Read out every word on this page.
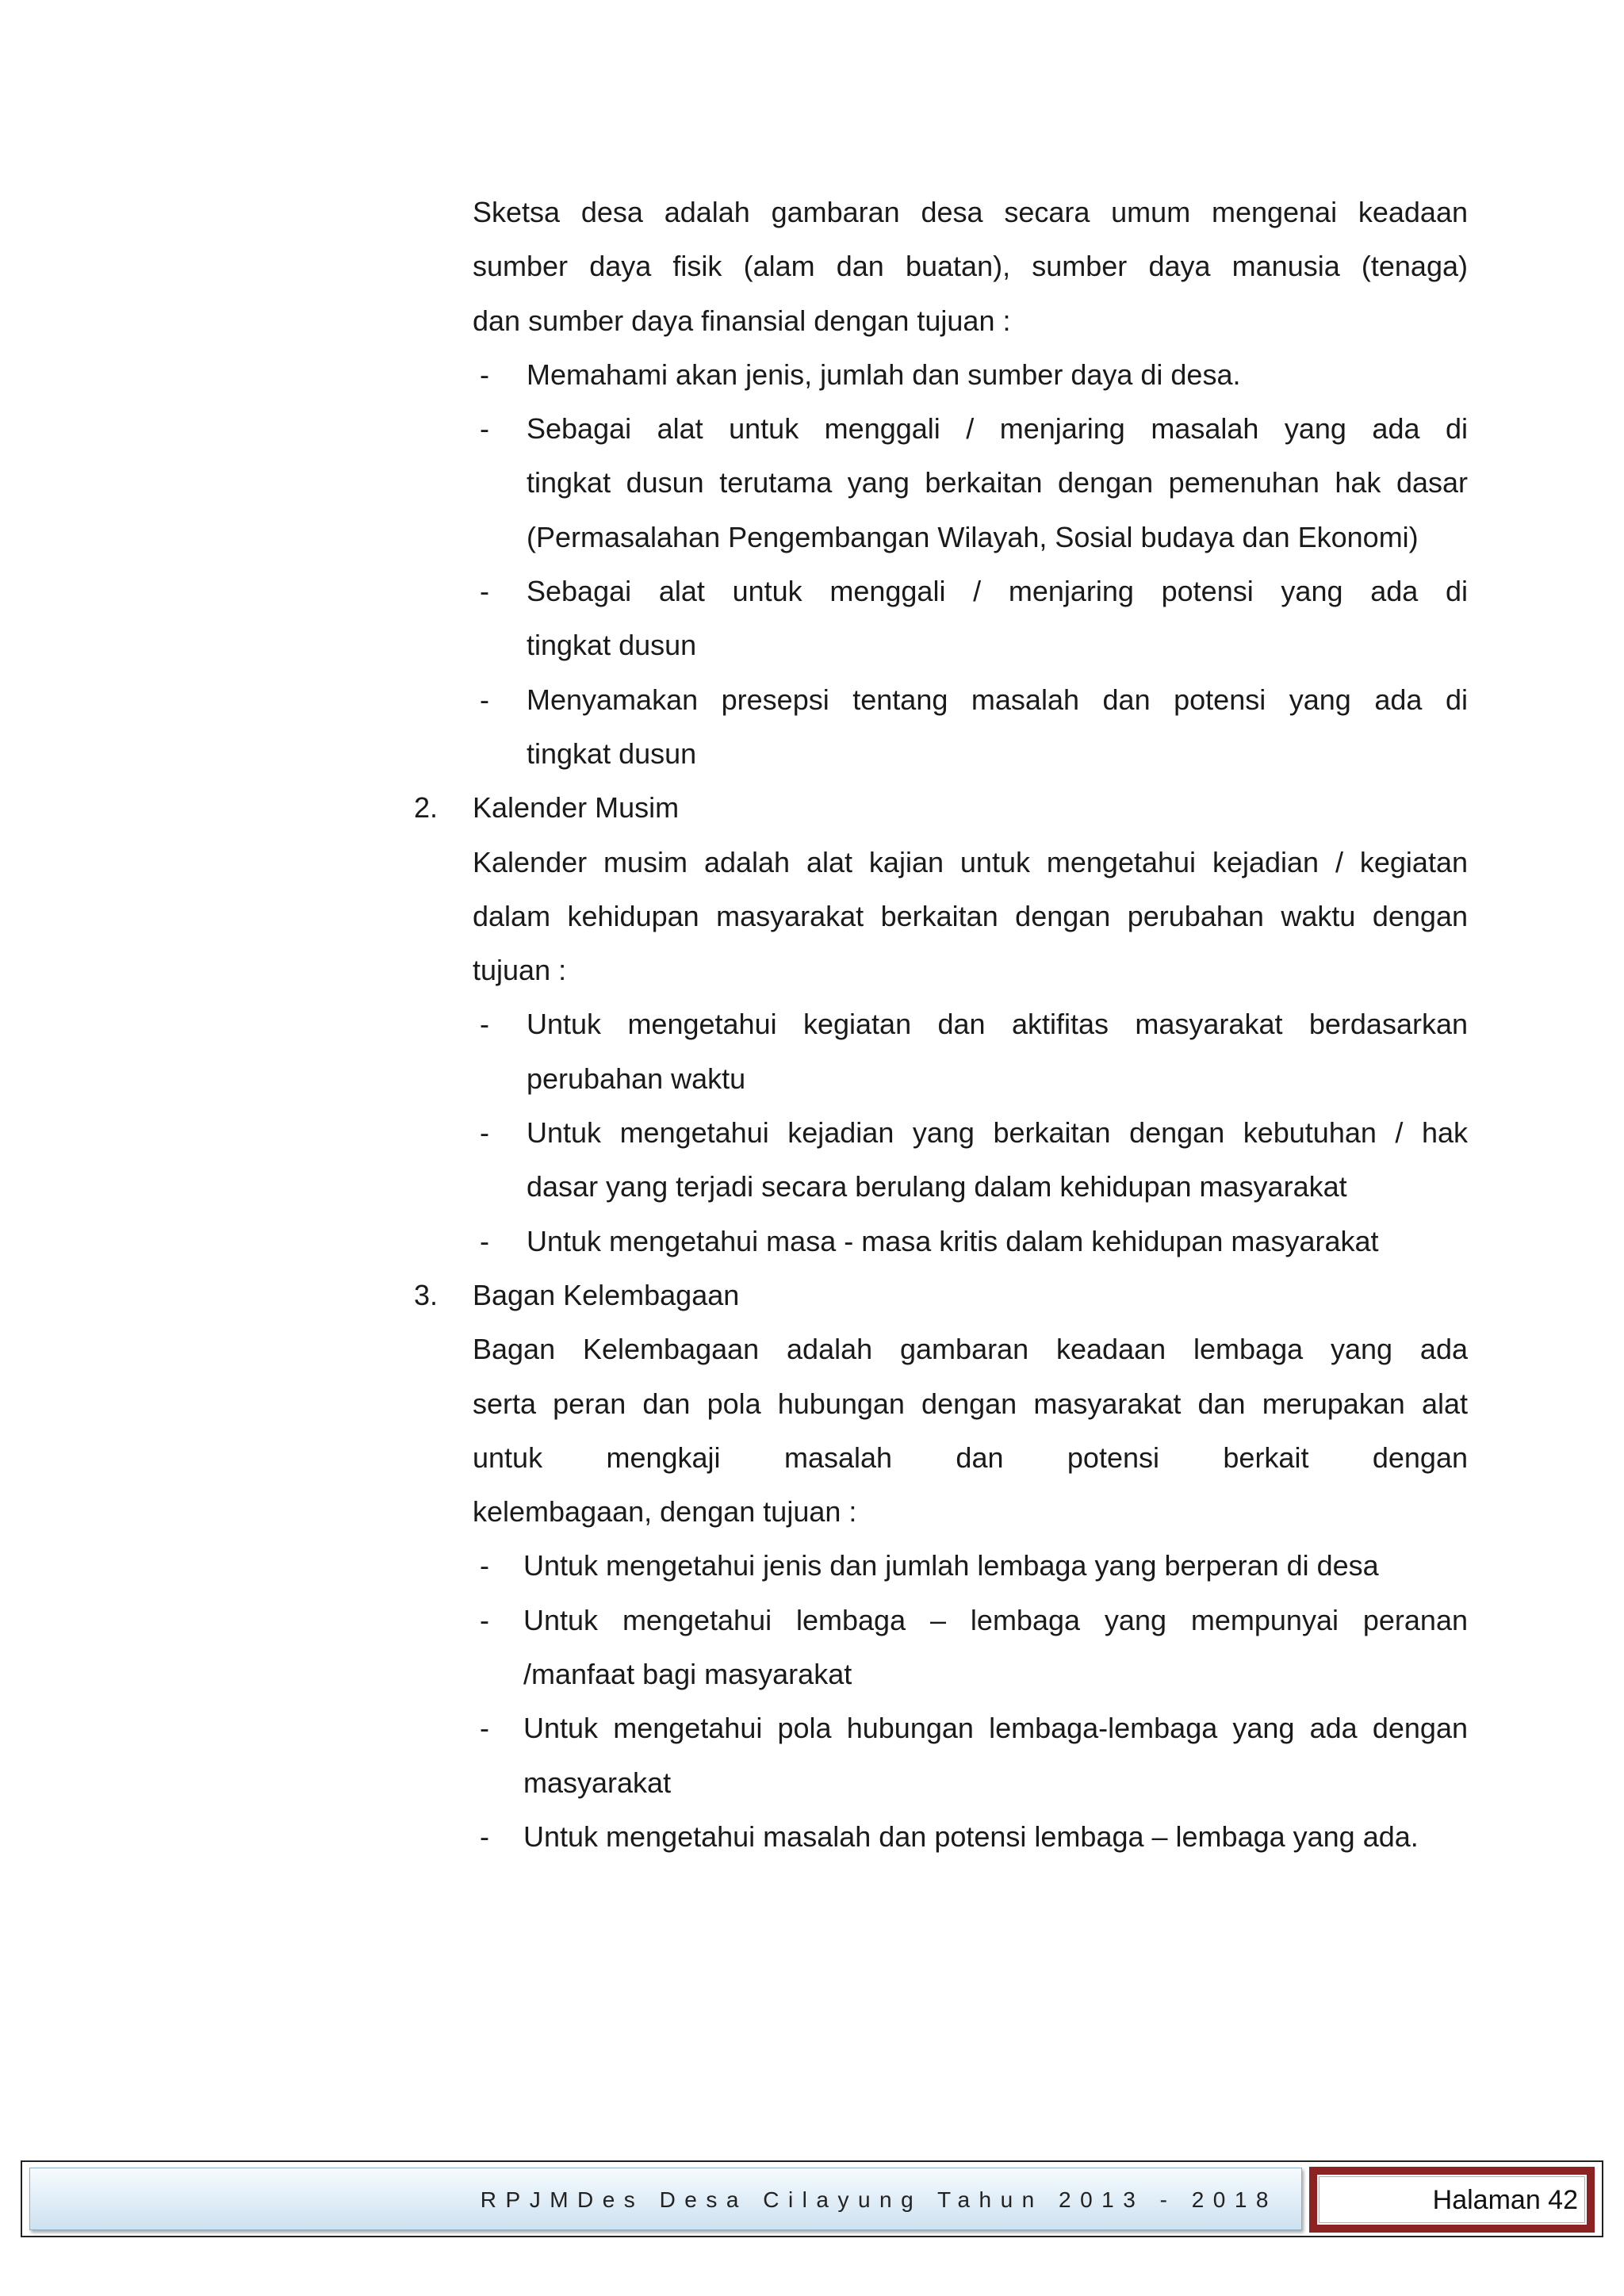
Sketsa desa adalah gambaran desa secara umum mengenai keadaan
sumber daya fisik (alam dan buatan), sumber daya manusia (tenaga)
dan sumber daya finansial dengan tujuan :
-	Memahami akan jenis, jumlah dan sumber daya di desa.
-	Sebagai alat untuk menggali / menjaring masalah yang ada di
tingkat dusun terutama yang berkaitan dengan pemenuhan hak dasar
(Permasalahan Pengembangan Wilayah, Sosial budaya dan Ekonomi)
-	Sebagai alat untuk menggali / menjaring potensi yang ada di
tingkat dusun
-	Menyamakan presepsi tentang masalah dan potensi yang ada di
tingkat dusun
2.	Kalender Musim
Kalender musim adalah alat kajian untuk mengetahui kejadian / kegiatan
dalam kehidupan masyarakat berkaitan dengan perubahan waktu dengan
tujuan :
-	Untuk mengetahui kegiatan dan aktifitas masyarakat berdasarkan
perubahan waktu
-	Untuk mengetahui kejadian yang berkaitan dengan kebutuhan / hak
dasar yang terjadi secara berulang dalam kehidupan masyarakat
-	Untuk mengetahui masa - masa kritis dalam kehidupan masyarakat
3.	Bagan Kelembagaan
Bagan Kelembagaan adalah gambaran keadaan lembaga yang ada
serta peran dan pola hubungan dengan masyarakat dan merupakan alat
untuk mengkaji masalah dan potensi berkait dengan
kelembagaan, dengan tujuan :
-	Untuk mengetahui jenis dan jumlah lembaga yang berperan di desa
-	Untuk mengetahui lembaga – lembaga yang mempunyai peranan
/manfaat bagi masyarakat
-	Untuk mengetahui pola hubungan lembaga-lembaga yang ada dengan
masyarakat
-	Untuk mengetahui masalah dan potensi lembaga – lembaga yang ada.
RPJMDes Desa Cilayung Tahun 2013 - 2018	Halaman 42
